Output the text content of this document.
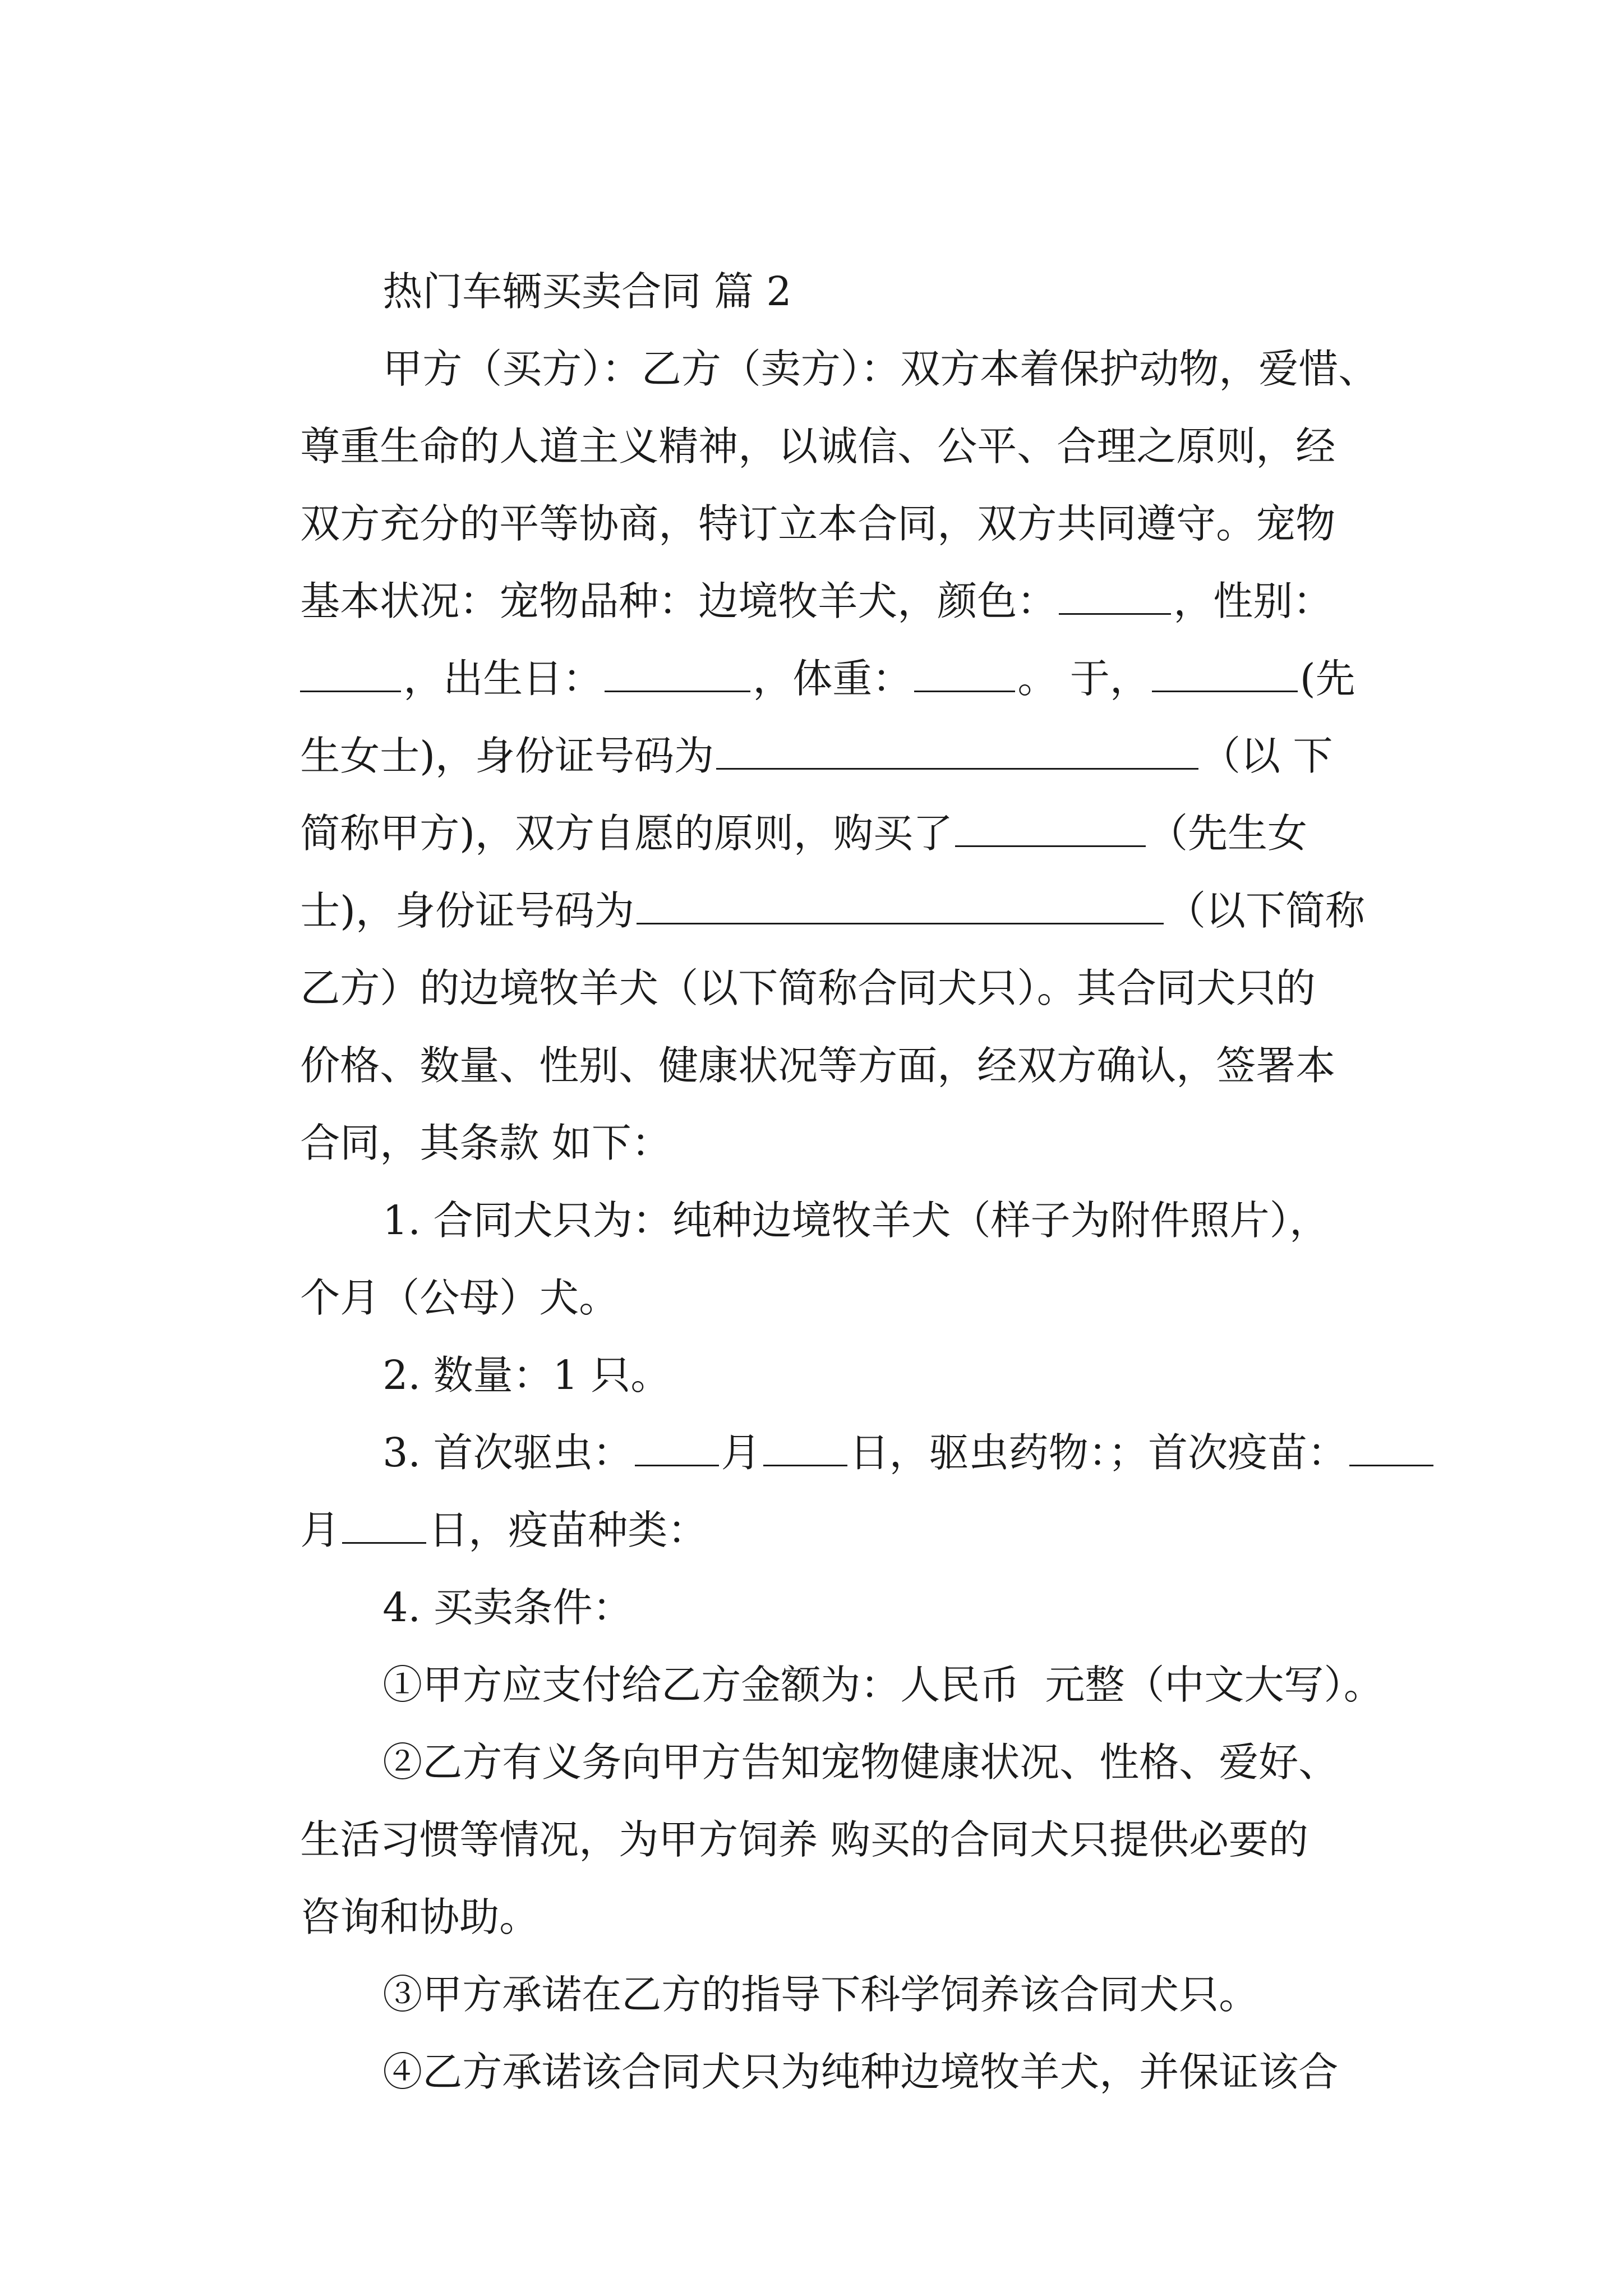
热门车辆买卖合同 篇 2

甲方（买方）：乙方（卖方）：双方本着保护动物，爱惜、

尊重生命的人道主义精神，以诚信、公平、合理之原则，经

双方充分的平等协商，特订立本合同，双方共同遵守。宠物

基本状况：宠物品种：边境牧羊犬，颜色：	，性别：

，出生日：	，体重：	。 于，	(先

生女士)，身份证号码为	（以 下

简称甲方)，双方自愿的原则，购买了	（先生女

士)，身份证号码为	（以下简称

乙方）的边境牧羊犬（以下简称合同犬只）。其合同犬只的

价格、数量、性别、健康状况等方面，经双方确认，签署本

合同，其条款 如下：

1. 合同犬只为：纯种边境牧羊犬（样子为附件照片），

个月（公母）犬。

2. 数量：1 只。

3. 首次驱虫： 月 日，驱虫药物：；首次疫苗：

月 日，疫苗种类：

4. 买卖条件：

①甲方应支付给乙方金额为：人民币  元整（中文大写）。

②乙方有义务向甲方告知宠物健康状况、性格、爱好、

生活习惯等情况，为甲方饲养 购买的合同犬只提供必要的

咨询和协助。

③甲方承诺在乙方的指导下科学饲养该合同犬只。

④乙方承诺该合同犬只为纯种边境牧羊犬，并保证该合
